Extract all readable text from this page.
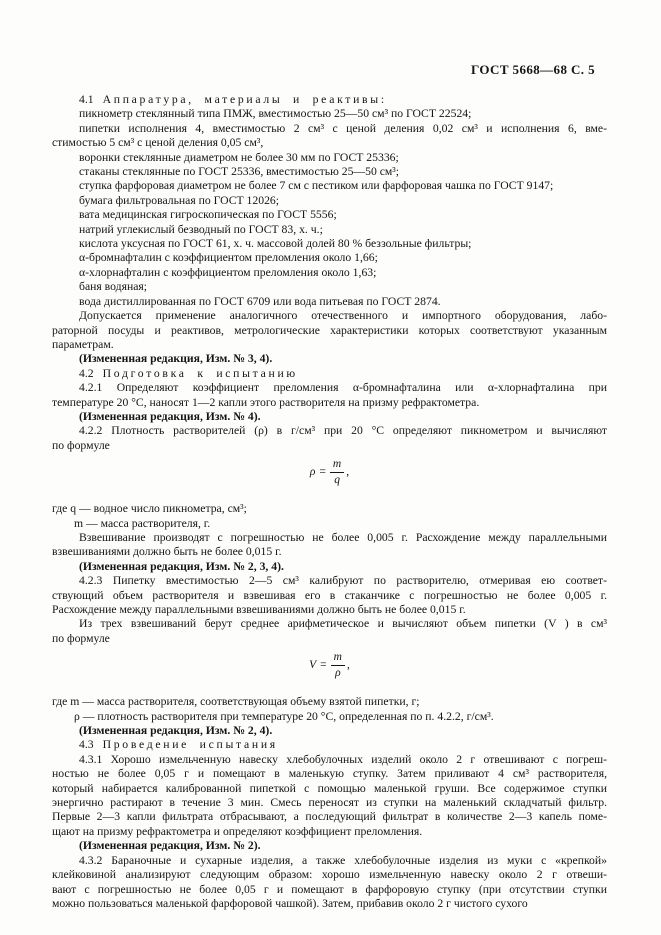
ГОСТ 5668—68 С. 5
4.1 Аппаратура, материалы и реактивы:
пикнометр стеклянный типа ПМЖ, вместимостью 25—50 см³ по ГОСТ 22524;
пипетки исполнения 4, вместимостью 2 см³ с ценой деления 0,02 см³ и исполнения 6, вме-
стимостью 5 см³ с ценой деления 0,05 см³,
воронки стеклянные диаметром не более 30 мм по ГОСТ 25336;
стаканы стеклянные по ГОСТ 25336, вместимостью 25—50 см³;
ступка фарфоровая диаметром не более 7 см с пестиком или фарфоровая чашка по ГОСТ 9147;
бумага фильтровальная по ГОСТ 12026;
вата медицинская гигроскопическая по ГОСТ 5556;
натрий углекислый безводный по ГОСТ 83, х. ч.;
кислота уксусная по ГОСТ 61, х. ч. массовой долей 80 % беззольные фильтры;
α-бромнафталин с коэффициентом преломления около 1,66;
α-хлорнафталин с коэффициентом преломления около 1,63;
баня водяная;
вода дистиллированная по ГОСТ 6709 или вода питьевая по ГОСТ 2874.
Допускается применение аналогичного отечественного и импортного оборудования, лабо-
раторной посуды и реактивов, метрологические характеристики которых соответствуют указанным
параметрам.
(Измененная редакция, Изм. № 3, 4).
4.2 Подготовка к испытанию
4.2.1 Определяют коэффициент преломления α-бромнафталина или α-хлорнафталина при
температуре 20 °С, наносят 1—2 капли этого растворителя на призму рефрактометра.
(Измененная редакция, Изм. № 4).
4.2.2 Плотность растворителей (ρ) в г/см³ при 20 °С определяют пикнометром и вычисляют
по формуле
$\rho = \frac{m}{q}$ ,
где q — водное число пикнометра, см³;
m — масса растворителя, г.
Взвешивание производят с погрешностью не более 0,005 г. Расхождение между параллельными
взвешиваниями должно быть не более 0,015 г.
(Измененная редакция, Изм. № 2, 3, 4).
4.2.3 Пипетку вместимостью 2—5 см³ калибруют по растворителю, отмеривая ею соответ-
ствующий объем растворителя и взвешивая его в стаканчике с погрешностью не более 0,005 г.
Расхождение между параллельными взвешиваниями должно быть не более 0,015 г.
Из трех взвешиваний берут среднее арифметическое и вычисляют объем пипетки (V ) в см³
по формуле
$V = \frac{m}{\rho}$ ,
где m — масса растворителя, соответствующая объему взятой пипетки, г;
ρ — плотность растворителя при температуре 20 °С, определенная по п. 4.2.2, г/см³.
(Измененная редакция, Изм. № 2, 4).
4.3 Проведение испытания
4.3.1 Хорошо измельченную навеску хлебобулочных изделий около 2 г отвешивают с погреш-
ностью не более 0,05 г и помещают в маленькую ступку. Затем приливают 4 см³ растворителя,
который набирается калиброванной пипеткой с помощью маленькой груши. Все содержимое ступки
энергично растирают в течение 3 мин. Смесь переносят из ступки на маленький складчатый фильтр.
Первые 2—3 капли фильтрата отбрасывают, а последующий фильтрат в количестве 2—3 капель поме-
щают на призму рефрактометра и определяют коэффициент преломления.
(Измененная редакция, Изм. № 2).
4.3.2 Бараночные и сухарные изделия, а также хлебобулочные изделия из муки с «крепкой»
клейковиной анализируют следующим образом: хорошо измельченную навеску около 2 г отвеши-
вают с погрешностью не более 0,05 г и помещают в фарфоровую ступку (при отсутствии ступки
можно пользоваться маленькой фарфоровой чашкой). Затем, прибавив около 2 г чистого сухого
